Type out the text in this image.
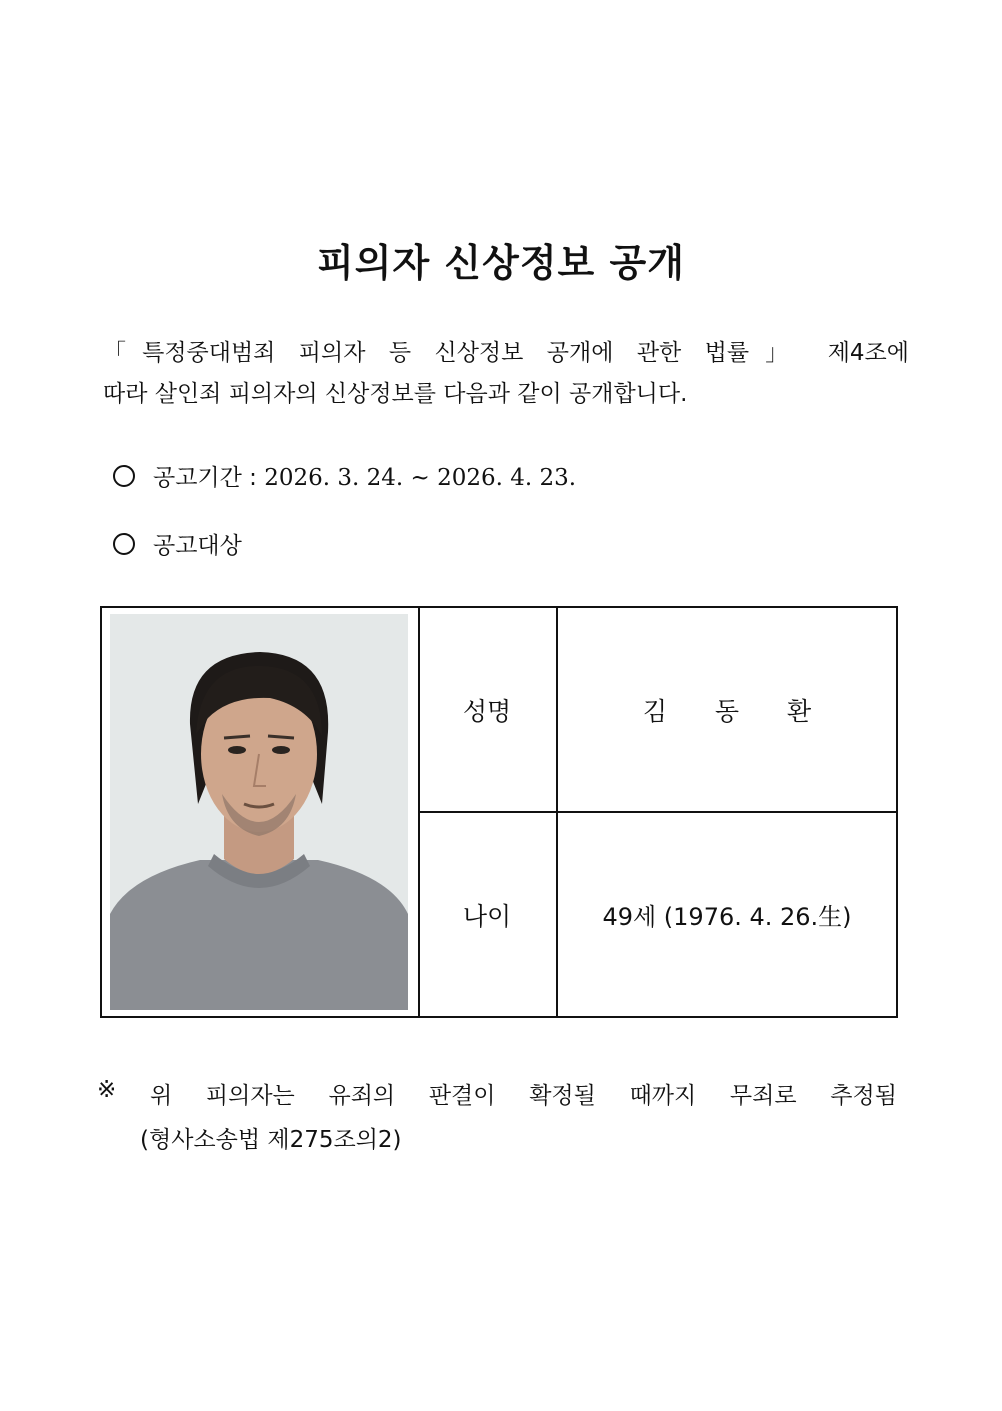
피의자 신상정보 공개
「특정중대범죄 피의자 등 신상정보 공개에 관한 법률」 제4조에
따라 살인죄 피의자의 신상정보를 다음과 같이 공개합니다.
공고기간 : 2026. 3. 24. ~ 2026. 4. 23.
공고대상
성명	김 동 환
나이	49세 (1976. 4. 26.生)
※ 위 피의자는 유죄의 판결이 확정될 때까지 무죄로 추정됨
(형사소송법 제275조의2)
